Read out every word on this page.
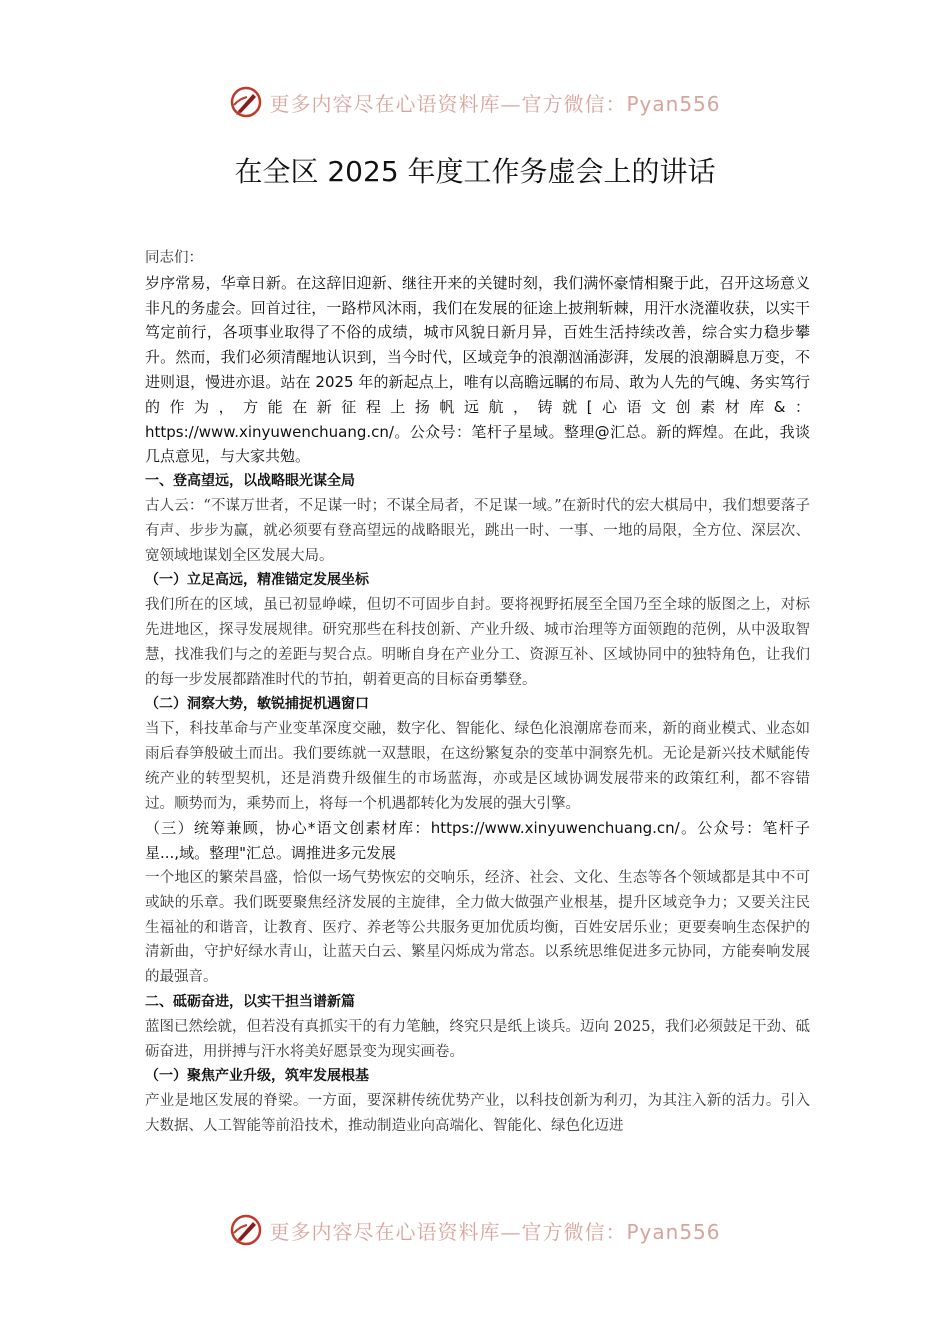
更多内容尽在心语资料库—官方微信：Pyan556
在全区 2025 年度工作务虚会上的讲话

同志们：

岁序常易，华章日新。在这辞旧迎新、继往开来的关键时刻，我们满怀豪情相聚于此，召开这场意义非凡的务虚会。回首过往，一路栉风沐雨，我们在发展的征途上披荆斩棘，用汗水浇灌收获，以实干笃定前行，各项事业取得了不俗的成绩，城市风貌日新月异，百姓生活持续改善，综合实力稳步攀升。然而，我们必须清醒地认识到，当今时代，区域竞争的浪潮汹涌澎湃，发展的浪潮瞬息万变，不进则退，慢进亦退。站在 2025 年的新起点上，唯有以高瞻远瞩的布局、敢为人先的气魄、务实笃行的作为，方能在新征程上扬帆远航，铸就[心语文创素材库&：https://www.xinyuwenchuang.cn/。公众号：笔杆子星域。整理@汇总。新的辉煌。在此，我谈几点意见，与大家共勉。

一、登高望远，以战略眼光谋全局

古人云：“不谋万世者，不足谋一时；不谋全局者，不足谋一域。”在新时代的宏大棋局中，我们想要落子有声、步步为赢，就必须要有登高望远的战略眼光，跳出一时、一事、一地的局限，全方位、深层次、宽领域地谋划全区发展大局。

（一）立足高远，精准锚定发展坐标

我们所在的区域，虽已初显峥嵘，但切不可固步自封。要将视野拓展至全国乃至全球的版图之上，对标先进地区，探寻发展规律。研究那些在科技创新、产业升级、城市治理等方面领跑的范例，从中汲取智慧，找准我们与之的差距与契合点。明晰自身在产业分工、资源互补、区域协同中的独特角色，让我们的每一步发展都踏准时代的节拍，朝着更高的目标奋勇攀登。

（二）洞察大势，敏锐捕捉机遇窗口

当下，科技革命与产业变革深度交融，数字化、智能化、绿色化浪潮席卷而来，新的商业模式、业态如雨后春笋般破土而出。我们要练就一双慧眼，在这纷繁复杂的变革中洞察先机。无论是新兴技术赋能传统产业的转型契机，还是消费升级催生的市场蓝海，亦或是区域协调发展带来的政策红利，都不容错过。顺势而为，乘势而上，将每一个机遇都转化为发展的强大引擎。

（三）统筹兼顾，协心*语文创素材库：https://www.xinyuwenchuang.cn/。公众号：笔杆子星...,域。整理"汇总。调推进多元发展

一个地区的繁荣昌盛，恰似一场气势恢宏的交响乐，经济、社会、文化、生态等各个领域都是其中不可或缺的乐章。我们既要聚焦经济发展的主旋律，全力做大做强产业根基，提升区域竞争力；又要关注民生福祉的和谐音，让教育、医疗、养老等公共服务更加优质均衡，百姓安居乐业；更要奏响生态保护的清新曲，守护好绿水青山，让蓝天白云、繁星闪烁成为常态。以系统思维促进多元协同，方能奏响发展的最强音。

二、砥砺奋进，以实干担当谱新篇

蓝图已然绘就，但若没有真抓实干的有力笔触，终究只是纸上谈兵。迈向 2025，我们必须鼓足干劲、砥砺奋进，用拼搏与汗水将美好愿景变为现实画卷。

（一）聚焦产业升级，筑牢发展根基

产业是地区发展的脊梁。一方面，要深耕传统优势产业，以科技创新为利刃，为其注入新的活力。引入大数据、人工智能等前沿技术，推动制造业向高端化、智能化、绿色化迈进

更多内容尽在心语资料库—官方微信：Pyan556
